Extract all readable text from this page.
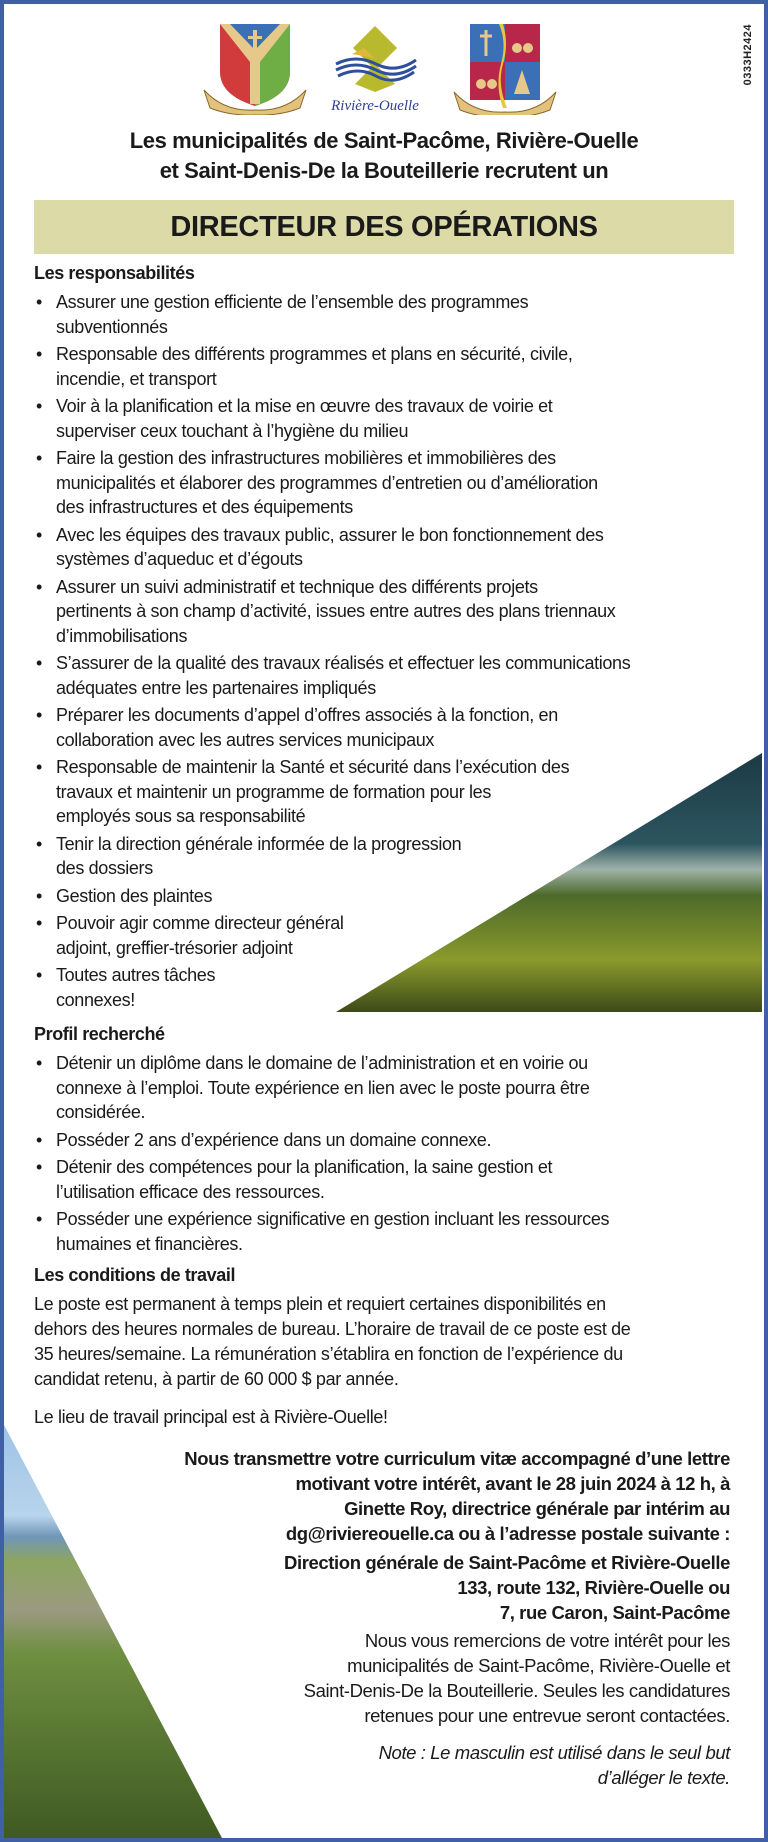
0333H2424
Rivière-Ouelle
Les municipalités de Saint-Pacôme, Rivière-Ouelle
et Saint-Denis-De la Bouteillerie recrutent un
DIRECTEUR DES OPÉRATIONS
Les responsabilités
• Assurer une gestion efficiente de l’ensemble des programmes
subventionnés
• Responsable des différents programmes et plans en sécurité, civile,
incendie, et transport
• Voir à la planification et la mise en œuvre des travaux de voirie et
superviser ceux touchant à l’hygiène du milieu
• Faire la gestion des infrastructures mobilières et immobilières des
municipalités et élaborer des programmes d’entretien ou d’amélioration
des infrastructures et des équipements
• Avec les équipes des travaux public, assurer le bon fonctionnement des
systèmes d’aqueduc et d’égouts
• Assurer un suivi administratif et technique des différents projets
pertinents à son champ d’activité, issues entre autres des plans triennaux
d’immobilisations
• S’assurer de la qualité des travaux réalisés et effectuer les communications
adéquates entre les partenaires impliqués
• Préparer les documents d’appel d’offres associés à la fonction, en
collaboration avec les autres services municipaux
• Responsable de maintenir la Santé et sécurité dans l’exécution des
travaux et maintenir un programme de formation pour les
employés sous sa responsabilité
• Tenir la direction générale informée de la progression
des dossiers
• Gestion des plaintes
• Pouvoir agir comme directeur général
adjoint, greffier-trésorier adjoint
• Toutes autres tâches
connexes!
Profil recherché
• Détenir un diplôme dans le domaine de l’administration et en voirie ou
connexe à l’emploi. Toute expérience en lien avec le poste pourra être
considérée.
• Posséder 2 ans d’expérience dans un domaine connexe.
• Détenir des compétences pour la planification, la saine gestion et
l’utilisation efficace des ressources.
• Posséder une expérience significative en gestion incluant les ressources
humaines et financières.
Les conditions de travail
Le poste est permanent à temps plein et requiert certaines disponibilités en
dehors des heures normales de bureau. L’horaire de travail de ce poste est de
35 heures/semaine. La rémunération s’établira en fonction de l’expérience du
candidat retenu, à partir de 60 000 $ par année.
Le lieu de travail principal est à Rivière-Ouelle!
Nous transmettre votre curriculum vitæ accompagné d’une lettre
motivant votre intérêt, avant le 28 juin 2024 à 12 h, à
Ginette Roy, directrice générale par intérim au
dg@riviereouelle.ca ou à l’adresse postale suivante :
Direction générale de Saint-Pacôme et Rivière-Ouelle
133, route 132, Rivière-Ouelle ou
7, rue Caron, Saint-Pacôme
Nous vous remercions de votre intérêt pour les
municipalités de Saint-Pacôme, Rivière-Ouelle et
Saint-Denis-De la Bouteillerie. Seules les candidatures
retenues pour une entrevue seront contactées.
Note : Le masculin est utilisé dans le seul but
d’alléger le texte.
